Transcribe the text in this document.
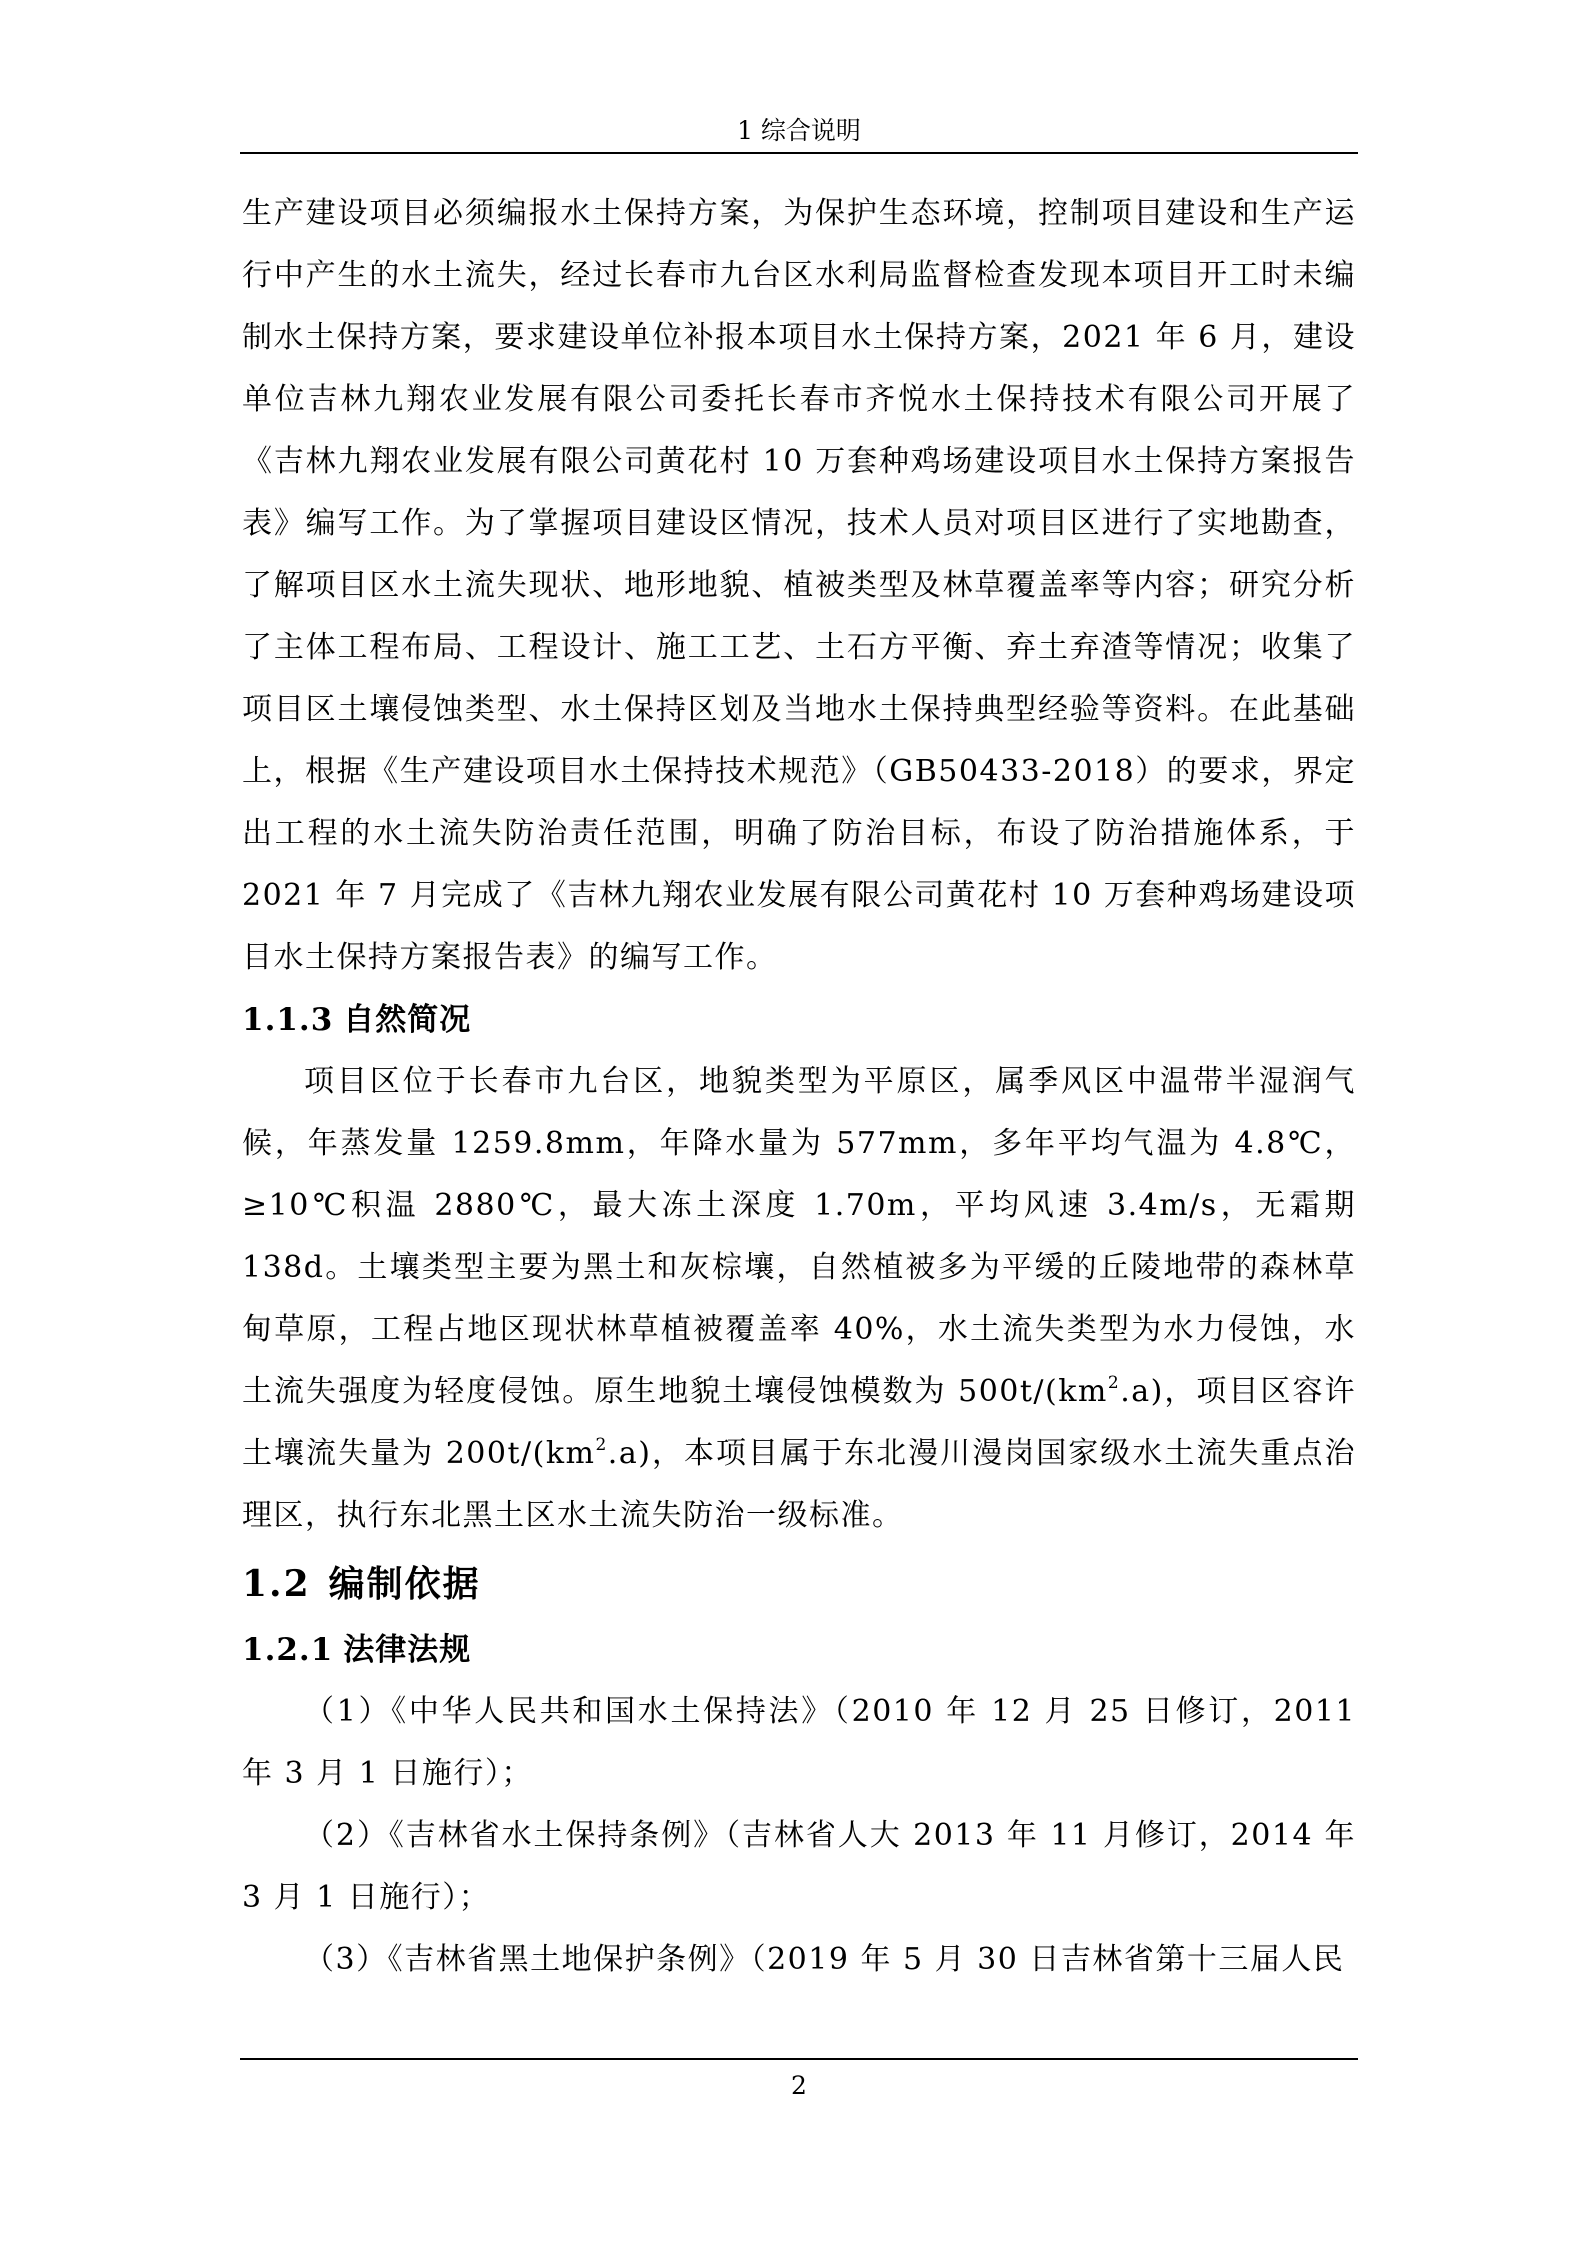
1 综合说明

生产建设项目必须编报水土保持方案，为保护生态环境，控制项目建设和生产运行中产生的水土流失，经过长春市九台区水利局监督检查发现本项目开工时未编制水土保持方案，要求建设单位补报本项目水土保持方案，2021 年 6 月，建设单位吉林九翔农业发展有限公司委托长春市齐悦水土保持技术有限公司开展了《吉林九翔农业发展有限公司黄花村 10 万套种鸡场建设项目水土保持方案报告表》编写工作。为了掌握项目建设区情况，技术人员对项目区进行了实地勘查，了解项目区水土流失现状、地形地貌、植被类型及林草覆盖率等内容；研究分析了主体工程布局、工程设计、施工工艺、土石方平衡、弃土弃渣等情况；收集了项目区土壤侵蚀类型、水土保持区划及当地水土保持典型经验等资料。在此基础上，根据《生产建设项目水土保持技术规范》（GB50433-2018）的要求，界定出工程的水土流失防治责任范围，明确了防治目标，布设了防治措施体系，于 2021 年 7 月完成了《吉林九翔农业发展有限公司黄花村 10 万套种鸡场建设项目水土保持方案报告表》的编写工作。

1.1.3 自然简况

项目区位于长春市九台区，地貌类型为平原区，属季风区中温带半湿润气候，年蒸发量 1259.8mm，年降水量为 577mm，多年平均气温为 4.8℃，≥10℃积温 2880℃，最大冻土深度 1.70m，平均风速 3.4m/s，无霜期 138d。土壤类型主要为黑土和灰棕壤，自然植被多为平缓的丘陵地带的森林草甸草原，工程占地区现状林草植被覆盖率 40%，水土流失类型为水力侵蚀，水土流失强度为轻度侵蚀。原生地貌土壤侵蚀模数为 $500t/(km^2.a)$，项目区容许土壤流失量为 $200t/(km^2.a)$，本项目属于东北漫川漫岗国家级水土流失重点治理区，执行东北黑土区水土流失防治一级标准。

1.2 编制依据
1.2.1 法律法规

（1）《中华人民共和国水土保持法》（2010 年 12 月 25 日修订，2011 年 3 月 1 日施行）；

（2）《吉林省水土保持条例》（吉林省人大 2013 年 11 月修订，2014 年 3 月 1 日施行）；

（3）《吉林省黑土地保护条例》（2019 年 5 月 30 日吉林省第十三届人民

2
